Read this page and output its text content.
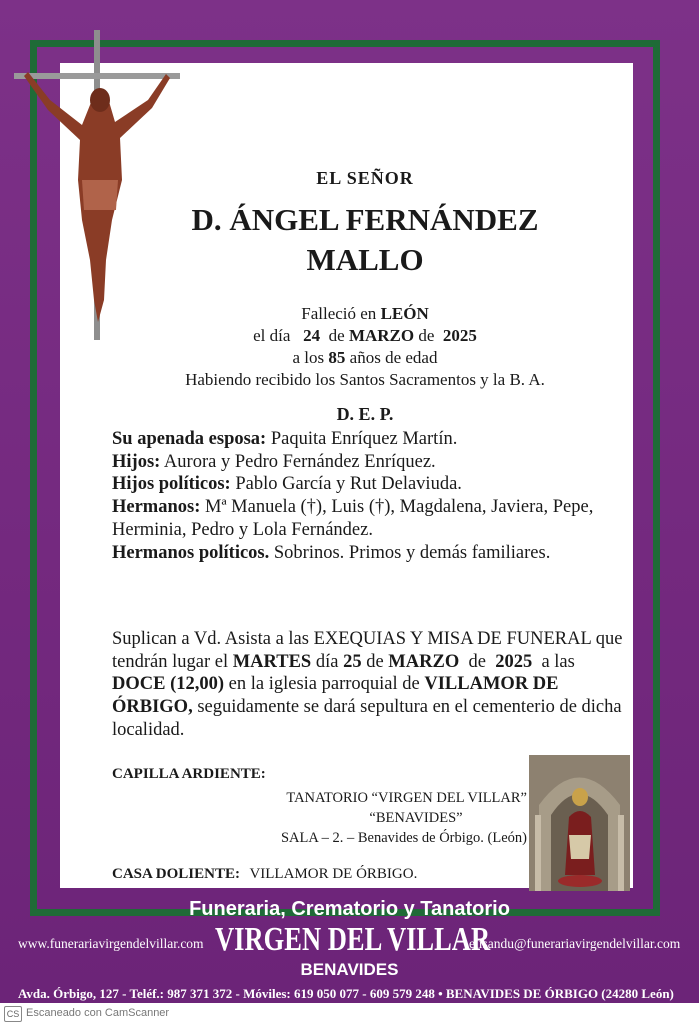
EL SEÑOR
D. ÁNGEL FERNÁNDEZ
MALLO
Falleció en LEÓN
el día 24 de MARZO de 2025
a los 85 años de edad
Habiendo recibido los Santos Sacramentos y la B. A.
D. E. P.

Su apenada esposa: Paquita Enríquez Martín.

Hijos: Aurora y Pedro Fernández Enríquez.

Hijos políticos: Pablo García y Rut Delaviuda.

Hermanos: Mª Manuela (†), Luis (†), Magdalena, Javiera, Pepe, Herminia, Pedro y Lola Fernández.

Hermanos políticos. Sobrinos. Primos y demás familiares.

Suplican a Vd. Asista a las EXEQUIAS Y MISA DE FUNERAL que tendrán lugar el MARTES día 25 de MARZO de 2025 a las DOCE (12,00) en la iglesia parroquial de VILLAMOR DE ÓRBIGO, seguidamente se dará sepultura en el cementerio de dicha localidad.
CAPILLA ARDIENTE:
TANATORIO “VIRGEN DEL VILLAR”
“BENAVIDES”
SALA – 2. – Benavides de Órbigo. (León)
CASA DOLIENTE: VILLAMOR DE ÓRBIGO.
Funeraria, Crematorio y Tanatorio
www.funerariavirgendelvillar.com VIRGEN DEL VILLAR
elisandu@funerariavirgendelvillar.com
BENAVIDES
Avda. Órbigo, 127 - Teléf.: 987 371 372 - Móviles: 619 050 077 - 609 579 248 • BENAVIDES DE ÓRBIGO (24280 León)
CS Escaneado con CamScanner
